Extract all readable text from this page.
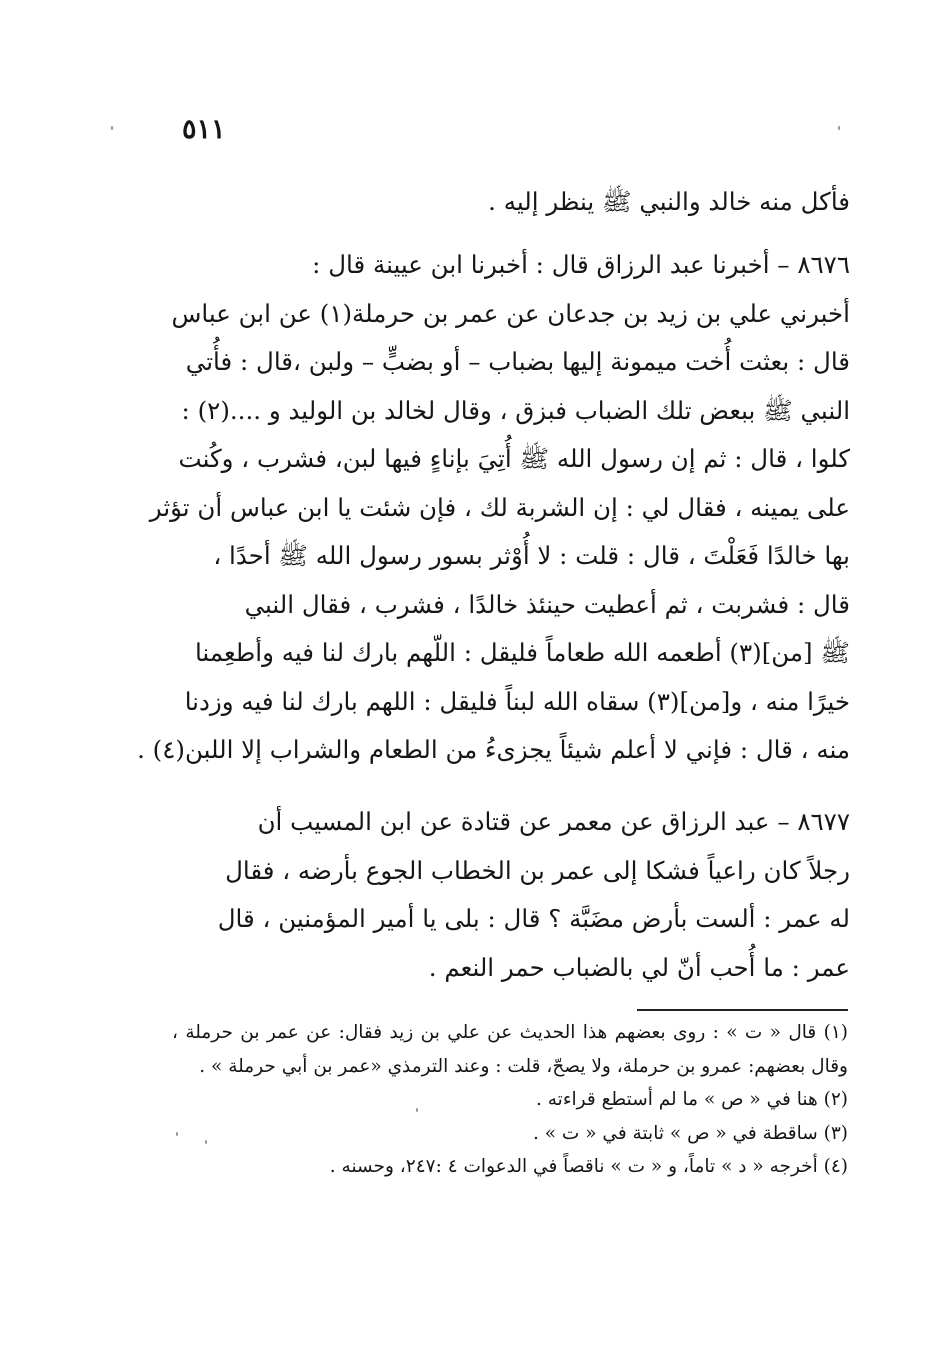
٥١١

فأكل منه خالد والنبي ﷺ ينظر إليه .

٨٦٧٦ – أخبرنا عبد الرزاق قال : أخبرنا ابن عيينة قال :
أخبرني علي بن زيد بن جدعان عن عمر بن حرملة(١) عن ابن عباس
قال : بعثت أُخت ميمونة إليها بضباب – أو بضبٍّ – ولبن ،قال : فأُتي
النبي ﷺ ببعض تلك الضباب فبزق ، وقال لخالد بن الوليد و ....(٢) :
كلوا ، قال : ثم إن رسول الله ﷺ أُتِيَ بإناءٍ فيها لبن، فشرب ، وكُنت
على يمينه ، فقال لي : إن الشربة لك ، فإن شئت يا ابن عباس أن تؤثر
بها خالدًا فَعَلْتَ ، قال : قلت : لا أُوْثر بسور رسول الله ﷺ أحدًا ،
قال : فشربت ، ثم أعطيت حينئذ خالدًا ، فشرب ، فقال النبي
ﷺ [من](٣) أطعمه الله طعاماً فليقل : اللّهم بارك لنا فيه وأطعِمنا
خيرًا منه ، و[من](٣) سقاه الله لبناً فليقل : اللهم بارك لنا فيه وزدنا
منه ، قال : فإني لا أعلم شيئاً يجزىءُ من الطعام والشراب إلا اللبن(٤) .

٨٦٧٧ – عبد الرزاق عن معمر عن قتادة عن ابن المسيب أن
رجلاً كان راعياً فشكا إلى عمر بن الخطاب الجوع بأرضه ، فقال
له عمر : ألست بأرض مضَبَّة ؟ قال : بلى يا أمير المؤمنين ، قال
عمر : ما أُحب أنّ لي بالضباب حمر النعم .

(١) قال « ت » : روى بعضهم هذا الحديث عن علي بن زيد فقال: عن عمر بن حرملة ، وقال بعضهم: عمرو بن حرملة، ولا يصحّ، قلت : وعند الترمذي «عمر بن أبي حرملة » .

(٢) هنا في « ص » ما لم أستطع قراءته .

(٣) ساقطة في « ص » ثابتة في « ت » .

(٤) أخرجه « د » تاماً، و « ت » ناقصاً في الدعوات ٤ :٢٤٧، وحسنه .
